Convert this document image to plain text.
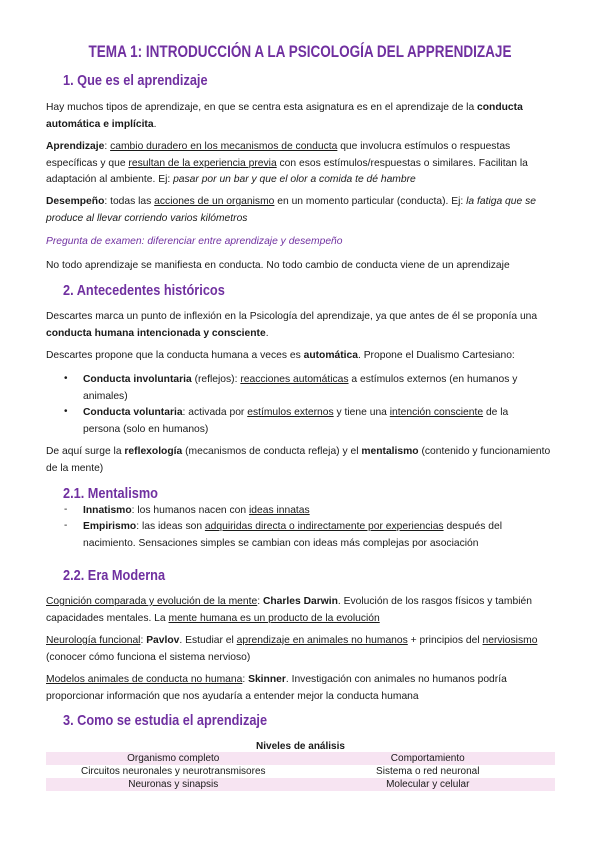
TEMA 1: INTRODUCCIÓN A LA PSICOLOGÍA DEL APPRENDIZAJE
1. Que es el aprendizaje
Hay muchos tipos de aprendizaje, en que se centra esta asignatura es en el aprendizaje de la conducta automática e implícita.
Aprendizaje: cambio duradero en los mecanismos de conducta que involucra estímulos o respuestas específicas y que resultan de la experiencia previa con esos estímulos/respuestas o similares. Facilitan la adaptación al ambiente. Ej: pasar por un bar y que el olor a comida te dé hambre
Desempeño: todas las acciones de un organismo en un momento particular (conducta). Ej: la fatiga que se produce al llevar corriendo varios kilómetros
Pregunta de examen: diferenciar entre aprendizaje y desempeño
No todo aprendizaje se manifiesta en conducta. No todo cambio de conducta viene de un aprendizaje
2. Antecedentes históricos
Descartes marca un punto de inflexión en la Psicología del aprendizaje, ya que antes de él se proponía una conducta humana intencionada y consciente.
Descartes propone que la conducta humana a veces es automática. Propone el Dualismo Cartesiano:
• Conducta involuntaria (reflejos): reacciones automáticas a estímulos externos (en humanos y animales)
• Conducta voluntaria: activada por estímulos externos y tiene una intención consciente de la persona (solo en humanos)
De aquí surge la reflexología (mecanismos de conducta refleja) y el mentalismo (contenido y funcionamiento de la mente)
2.1. Mentalismo
- Innatismo: los humanos nacen con ideas innatas
- Empirismo: las ideas son adquiridas directa o indirectamente por experiencias después del nacimiento. Sensaciones simples se cambian con ideas más complejas por asociación
2.2. Era Moderna
Cognición comparada y evolución de la mente: Charles Darwin. Evolución de los rasgos físicos y también capacidades mentales. La mente humana es un producto de la evolución
Neurología funcional: Pavlov. Estudiar el aprendizaje en animales no humanos + principios del nerviosismo (conocer cómo funciona el sistema nervioso)
Modelos animales de conducta no humana: Skinner. Investigación con animales no humanos podría proporcionar información que nos ayudaría a entender mejor la conducta humana
3. Como se estudia el aprendizaje
Niveles de análisis	
Organismo completo	Comportamiento
Circuitos neuronales y neurotransmisores	Sistema o red neuronal
Neuronas y sinapsis	Molecular y celular
